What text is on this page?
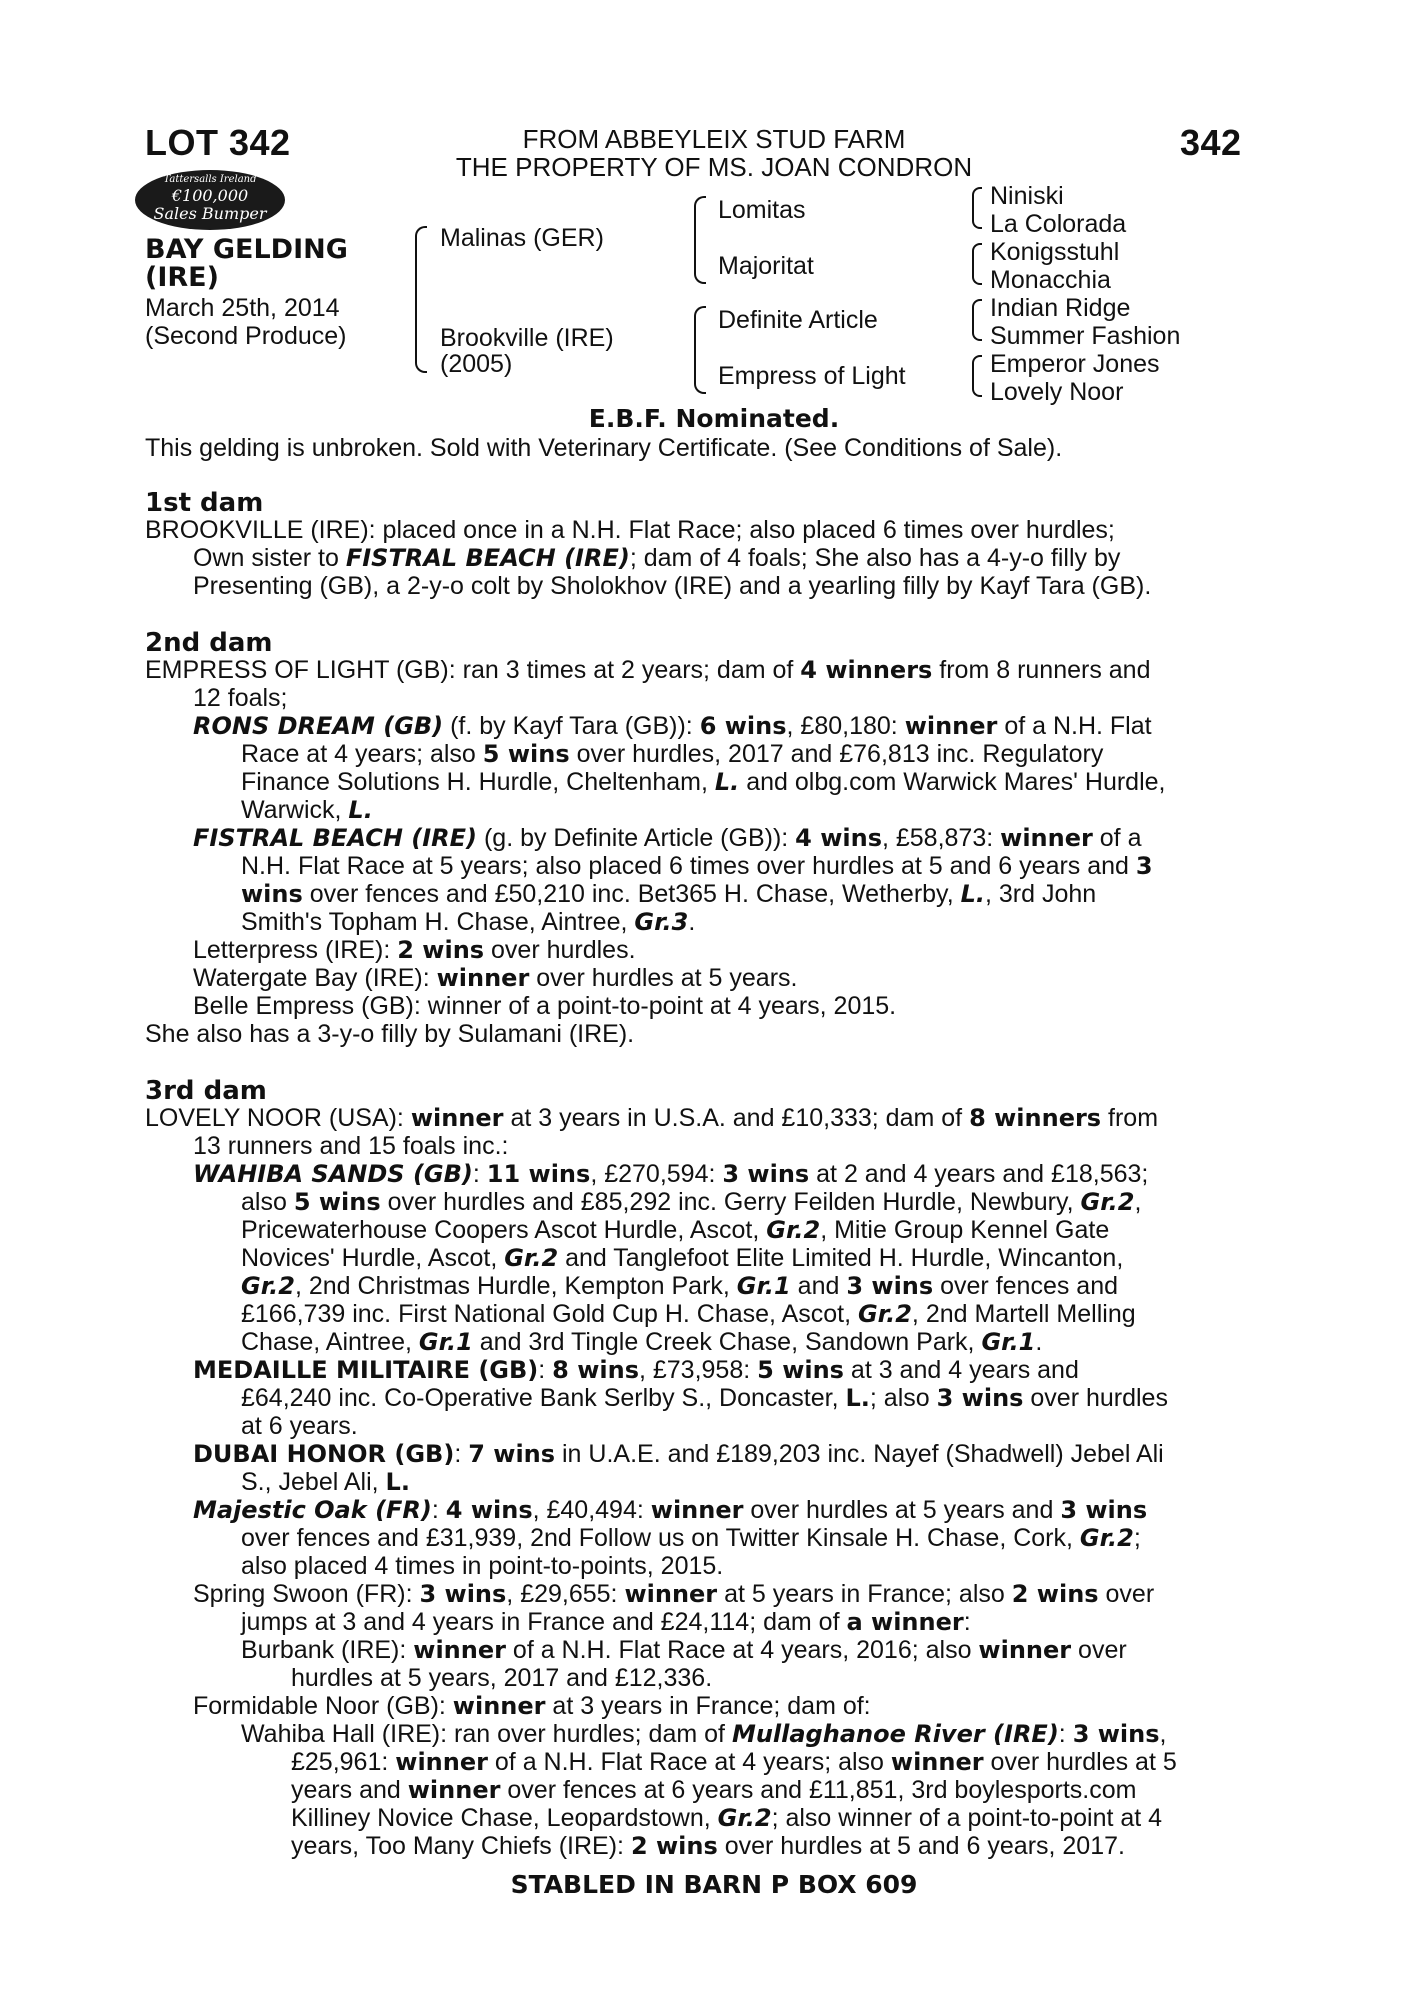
LOT 342	342
FROM ABBEYLEIX STUD FARM
THE PROPERTY OF MS. JOAN CONDRON
Tattersalls Ireland
€100,000
Sales Bumper
BAY GELDING
(IRE)
March 25th, 2014
(Second Produce)
Malinas (GER)
Brookville (IRE)
(2005)
Lomitas
Majoritat
Definite Article
Empress of Light
Niniski
La Colorada
Konigsstuhl
Monacchia
Indian Ridge
Summer Fashion
Emperor Jones
Lovely Noor
E.B.F. Nominated.
This gelding is unbroken. Sold with Veterinary Certificate. (See Conditions of Sale).
1st dam
BROOKVILLE (IRE): placed once in a N.H. Flat Race; also placed 6 times over hurdles;
Own sister to FISTRAL BEACH (IRE); dam of 4 foals; She also has a 4-y-o filly by
Presenting (GB), a 2-y-o colt by Sholokhov (IRE) and a yearling filly by Kayf Tara (GB).
2nd dam
EMPRESS OF LIGHT (GB): ran 3 times at 2 years; dam of 4 winners from 8 runners and
12 foals;
RONS DREAM (GB) (f. by Kayf Tara (GB)): 6 wins, £80,180: winner of a N.H. Flat
Race at 4 years; also 5 wins over hurdles, 2017 and £76,813 inc. Regulatory
Finance Solutions H. Hurdle, Cheltenham, L. and olbg.com Warwick Mares' Hurdle,
Warwick, L.
FISTRAL BEACH (IRE) (g. by Definite Article (GB)): 4 wins, £58,873: winner of a
N.H. Flat Race at 5 years; also placed 6 times over hurdles at 5 and 6 years and 3
wins over fences and £50,210 inc. Bet365 H. Chase, Wetherby, L., 3rd John
Smith's Topham H. Chase, Aintree, Gr.3.
Letterpress (IRE): 2 wins over hurdles.
Watergate Bay (IRE): winner over hurdles at 5 years.
Belle Empress (GB): winner of a point-to-point at 4 years, 2015.
She also has a 3-y-o filly by Sulamani (IRE).
3rd dam
LOVELY NOOR (USA): winner at 3 years in U.S.A. and £10,333; dam of 8 winners from
13 runners and 15 foals inc.:
WAHIBA SANDS (GB): 11 wins, £270,594: 3 wins at 2 and 4 years and £18,563;
also 5 wins over hurdles and £85,292 inc. Gerry Feilden Hurdle, Newbury, Gr.2,
Pricewaterhouse Coopers Ascot Hurdle, Ascot, Gr.2, Mitie Group Kennel Gate
Novices' Hurdle, Ascot, Gr.2 and Tanglefoot Elite Limited H. Hurdle, Wincanton,
Gr.2, 2nd Christmas Hurdle, Kempton Park, Gr.1 and 3 wins over fences and
£166,739 inc. First National Gold Cup H. Chase, Ascot, Gr.2, 2nd Martell Melling
Chase, Aintree, Gr.1 and 3rd Tingle Creek Chase, Sandown Park, Gr.1.
MEDAILLE MILITAIRE (GB): 8 wins, £73,958: 5 wins at 3 and 4 years and
£64,240 inc. Co-Operative Bank Serlby S., Doncaster, L.; also 3 wins over hurdles
at 6 years.
DUBAI HONOR (GB): 7 wins in U.A.E. and £189,203 inc. Nayef (Shadwell) Jebel Ali
S., Jebel Ali, L.
Majestic Oak (FR): 4 wins, £40,494: winner over hurdles at 5 years and 3 wins
over fences and £31,939, 2nd Follow us on Twitter Kinsale H. Chase, Cork, Gr.2;
also placed 4 times in point-to-points, 2015.
Spring Swoon (FR): 3 wins, £29,655: winner at 5 years in France; also 2 wins over
jumps at 3 and 4 years in France and £24,114; dam of a winner:
Burbank (IRE): winner of a N.H. Flat Race at 4 years, 2016; also winner over
hurdles at 5 years, 2017 and £12,336.
Formidable Noor (GB): winner at 3 years in France; dam of:
Wahiba Hall (IRE): ran over hurdles; dam of Mullaghanoe River (IRE): 3 wins,
£25,961: winner of a N.H. Flat Race at 4 years; also winner over hurdles at 5
years and winner over fences at 6 years and £11,851, 3rd boylesports.com
Killiney Novice Chase, Leopardstown, Gr.2; also winner of a point-to-point at 4
years, Too Many Chiefs (IRE): 2 wins over hurdles at 5 and 6 years, 2017.
STABLED IN BARN P BOX 609
